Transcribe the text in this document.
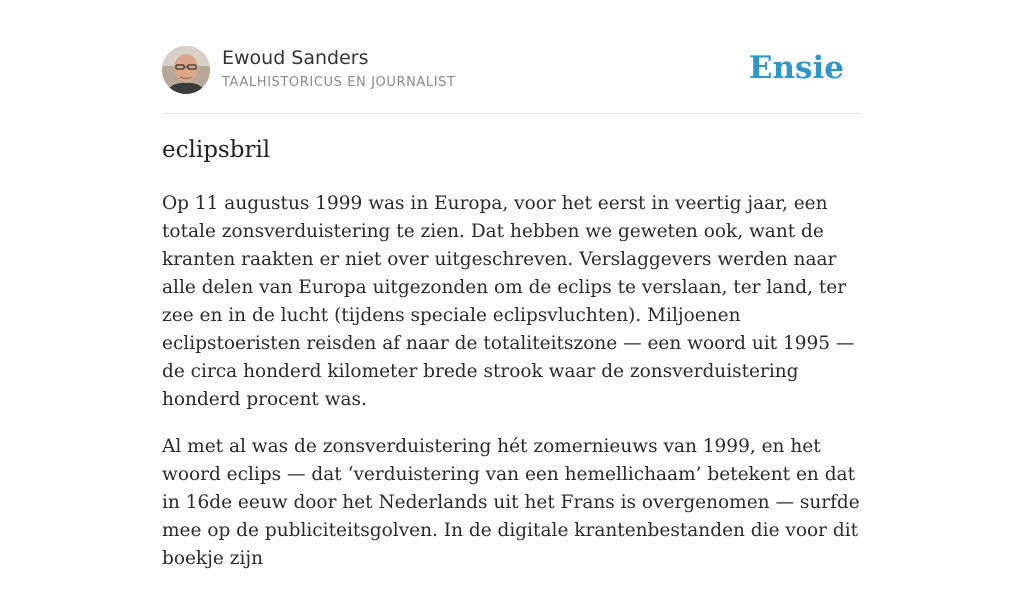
Ewoud Sanders
TAALHISTORICUS EN JOURNALIST	Ensie
eclipsbril

Op 11 augustus 1999 was in Europa, voor het eerst in veertig jaar, een totale zonsverduistering te zien. Dat hebben we geweten ook, want de kranten raakten er niet over uitgeschreven. Verslaggevers werden naar alle delen van Europa uitgezonden om de eclips te verslaan, ter land, ter zee en in de lucht (tijdens speciale eclipsvluchten). Miljoenen eclipstoeristen reisden af naar de totaliteitszone — een woord uit 1995 — de circa honderd kilometer brede strook waar de zonsverduistering honderd procent was.

Al met al was de zonsverduistering hét zomernieuws van 1999, en het woord eclips — dat ‘verduistering van een hemellichaam’ betekent en dat in 16de eeuw door het Nederlands uit het Frans is overgenomen — surfde mee op de publiciteitsgolven. In de digitale krantenbestanden die voor dit boekje zijn
